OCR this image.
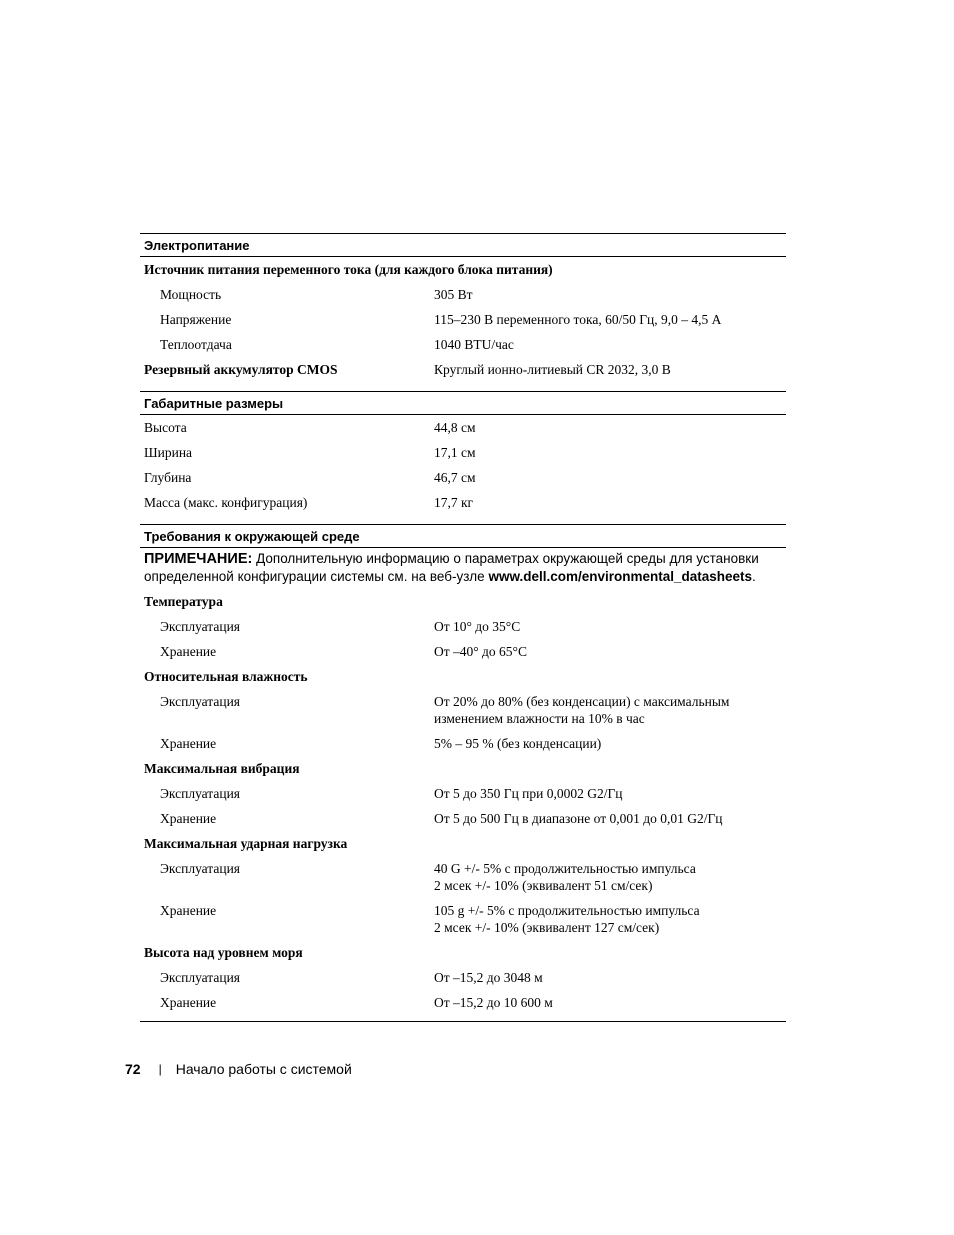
Электропитание
Источник питания переменного тока (для каждого блока питания)
Мощность	305 Вт
Напряжение	115–230 В переменного тока, 60/50 Гц, 9,0 – 4,5 А
Теплоотдача	1040 BTU/час
Резервный аккумулятор CMOS	Круглый ионно-литиевый CR 2032, 3,0 В
Габаритные размеры
Высота	44,8 см
Ширина	17,1 см
Глубина	46,7 см
Масса (макс. конфигурация)	17,7 кг
Требования к окружающей среде
ПРИМЕЧАНИЕ: Дополнительную информацию о параметрах окружающей среды для установки определенной конфигурации системы см. на веб-узле www.dell.com/environmental_datasheets.
Температура
Эксплуатация	От 10° до 35°C
Хранение	От –40° до 65°C
Относительная влажность
Эксплуатация	От 20% до 80% (без конденсации) с максимальным изменением влажности на 10% в час
Хранение	5% – 95 % (без конденсации)
Максимальная вибрация
Эксплуатация	От 5 до 350 Гц при 0,0002 G2/Гц
Хранение	От 5 до 500 Гц в диапазоне от 0,001 до 0,01 G2/Гц
Максимальная ударная нагрузка
Эксплуатация	40 G +/- 5% с продолжительностью импульса
2 мсек +/- 10% (эквивалент 51 см/сек)
Хранение	105 g +/- 5% с продолжительностью импульса
2 мсек +/- 10% (эквивалент 127 см/сек)
Высота над уровнем моря
Эксплуатация	От –15,2 до 3048 м
Хранение	От –15,2 до 10 600 м
72 | Начало работы с системой
